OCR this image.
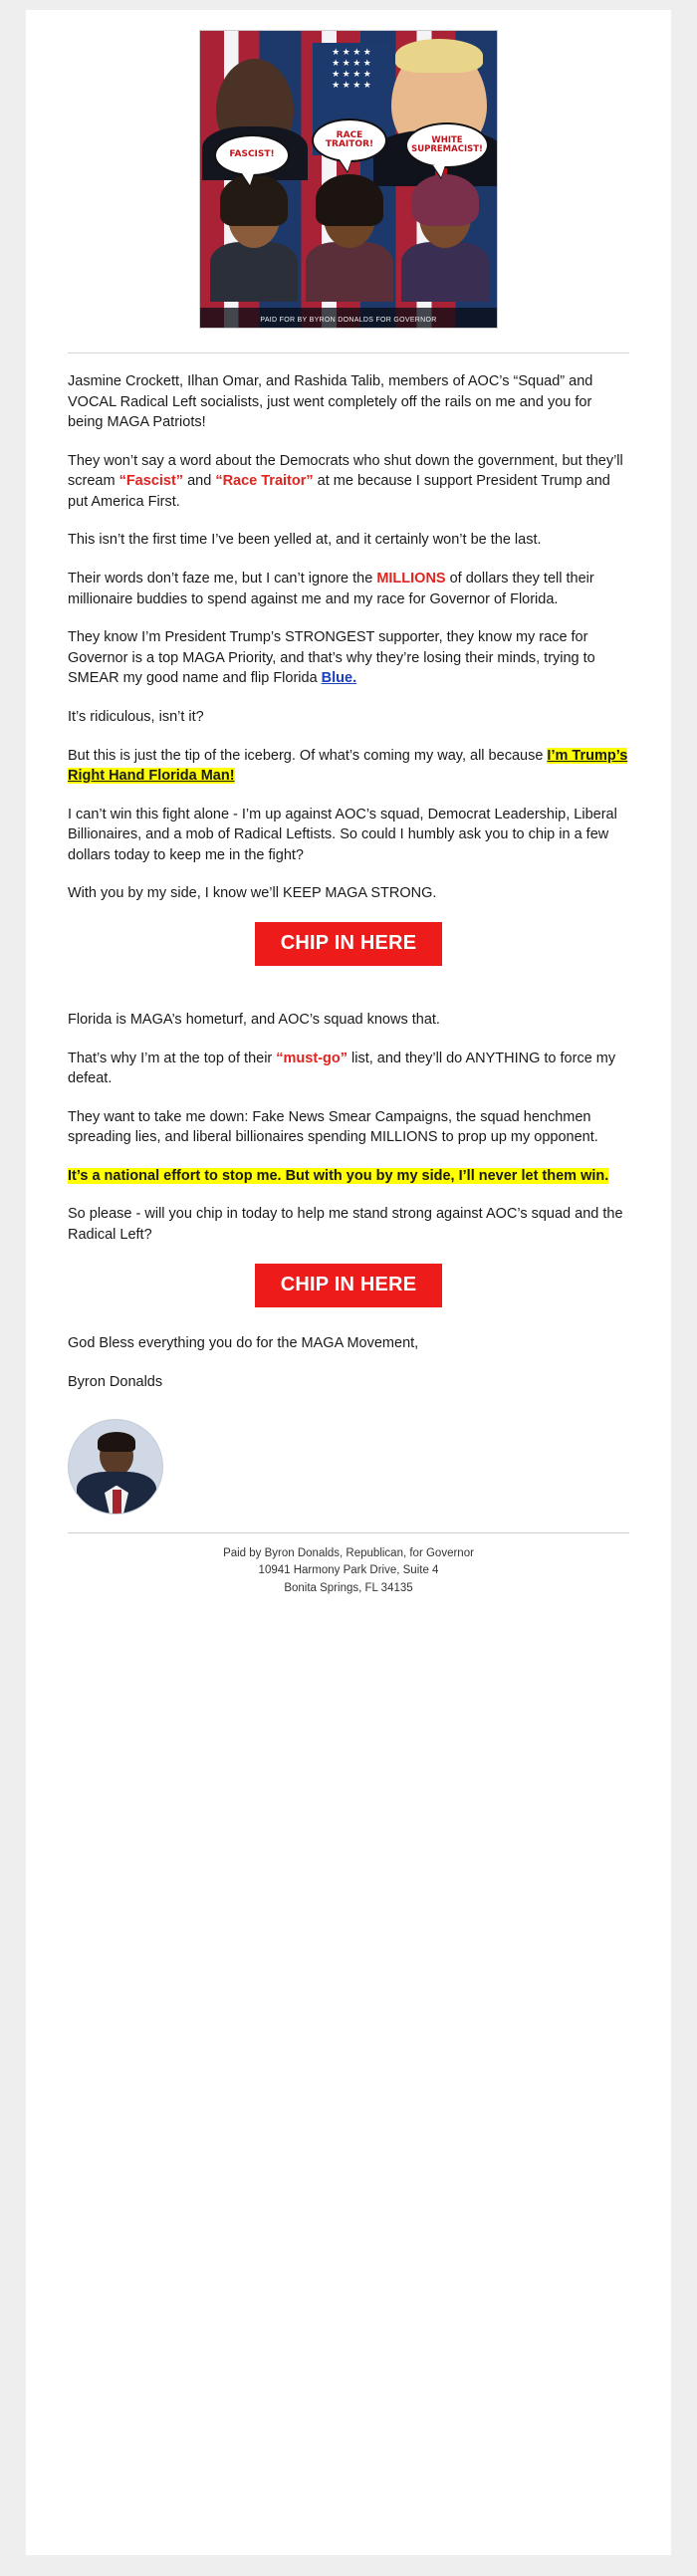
★ ★ ★ ★ ★ ★ ★ ★ ★ ★ ★ ★ ★ ★ ★ ★
FASCIST!
RACE TRAITOR!	WHITE SUPREMACIST!
PAID FOR BY BYRON DONALDS FOR GOVERNOR

Jasmine Crockett, Ilhan Omar, and Rashida Talib, members of AOC’s “Squad” and VOCAL Radical Left socialists, just went completely off the rails on me and you for being MAGA Patriots!

They won’t say a word about the Democrats who shut down the government, but they’ll scream “Fascist” and “Race Traitor” at me because I support President Trump and put America First.

This isn’t the first time I’ve been yelled at, and it certainly won’t be the last.

Their words don’t faze me, but I can’t ignore the MILLIONS of dollars they tell their millionaire buddies to spend against me and my race for Governor of Florida.

They know I’m President Trump’s STRONGEST supporter, they know my race for Governor is a top MAGA Priority, and that’s why they’re losing their minds, trying to SMEAR my good name and flip Florida Blue.

It’s ridiculous, isn’t it?

But this is just the tip of the iceberg. Of what’s coming my way, all because I’m Trump’s Right Hand Florida Man!

I can’t win this fight alone - I’m up against AOC’s squad, Democrat Leadership, Liberal Billionaires, and a mob of Radical Leftists. So could I humbly ask you to chip in a few dollars today to keep me in the fight?

With you by my side, I know we’ll KEEP MAGA STRONG.

CHIP IN HERE

Florida is MAGA’s hometurf, and AOC’s squad knows that.

That’s why I’m at the top of their “must-go” list, and they’ll do ANYTHING to force my defeat.

They want to take me down: Fake News Smear Campaigns, the squad henchmen spreading lies, and liberal billionaires spending MILLIONS to prop up my opponent.

It’s a national effort to stop me. But with you by my side, I’ll never let them win.

So please - will you chip in today to help me stand strong against AOC’s squad and the Radical Left?

CHIP IN HERE

God Bless everything you do for the MAGA Movement,

Byron Donalds

Paid by Byron Donalds, Republican, for Governor
10941 Harmony Park Drive, Suite 4
Bonita Springs, FL 34135
